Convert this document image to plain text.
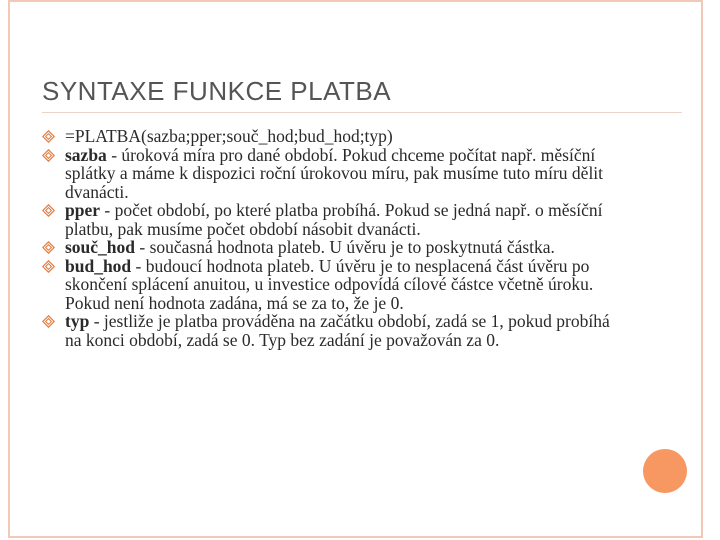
SYNTAXE FUNKCE PLATBA
=PLATBA(sazba;pper;souč_hod;bud_hod;typ)
sazba - úroková míra pro dané období. Pokud chceme počítat např. měsíční splátky a máme k dispozici roční úrokovou míru, pak musíme tuto míru dělit dvanácti.
pper - počet období, po které platba probíhá. Pokud se jedná např. o měsíční platbu, pak musíme počet období násobit dvanácti.
souč_hod - současná hodnota plateb. U úvěru je to poskytnutá částka.
bud_hod - budoucí hodnota plateb. U úvěru je to nesplacená část úvěru po skončení splácení anuitou, u investice odpovídá cílové částce včetně úroku. Pokud není hodnota zadána, má se za to, že je 0.
typ - jestliže je platba prováděna na začátku období, zadá se 1, pokud probíhá na konci období, zadá se 0. Typ bez zadání je považován za 0.
